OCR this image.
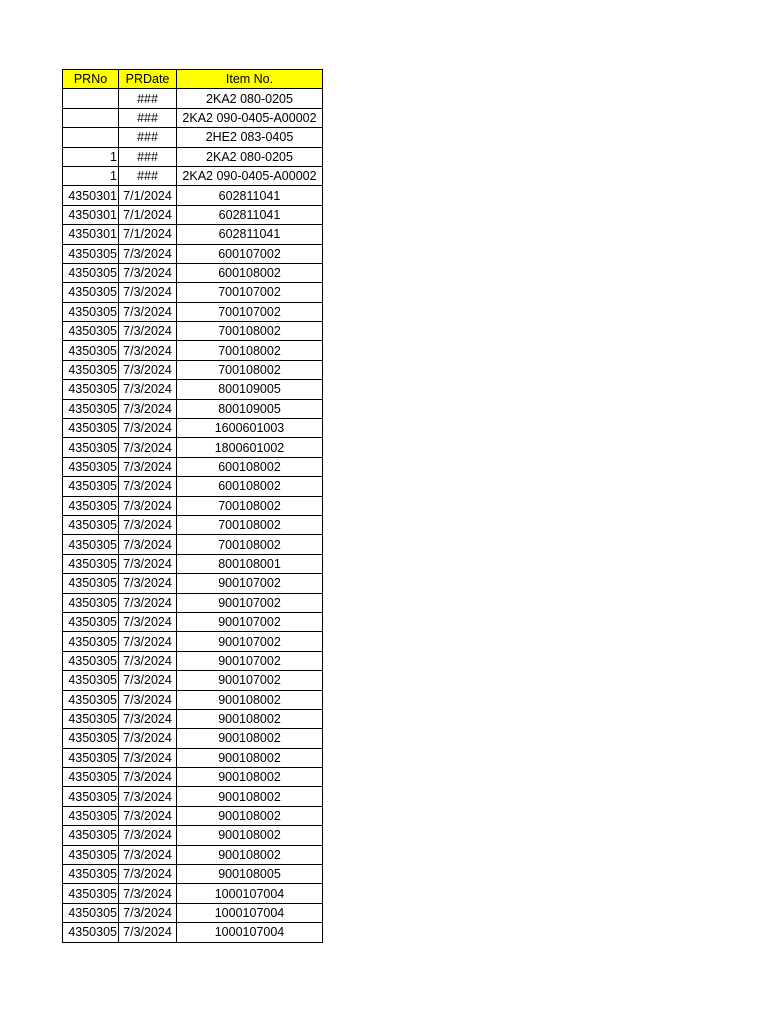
PRNo	PRDate	Item No.
	###	2KA2 080-0205
	###	2KA2 090-0405-A00002
	###	2HE2 083-0405
1	###	2KA2 080-0205
1	###	2KA2 090-0405-A00002
4350301	7/1/2024	602811041
4350301	7/1/2024	602811041
4350301	7/1/2024	602811041
4350305	7/3/2024	600107002
4350305	7/3/2024	600108002
4350305	7/3/2024	700107002
4350305	7/3/2024	700107002
4350305	7/3/2024	700108002
4350305	7/3/2024	700108002
4350305	7/3/2024	700108002
4350305	7/3/2024	800109005
4350305	7/3/2024	800109005
4350305	7/3/2024	1600601003
4350305	7/3/2024	1800601002
4350305	7/3/2024	600108002
4350305	7/3/2024	600108002
4350305	7/3/2024	700108002
4350305	7/3/2024	700108002
4350305	7/3/2024	700108002
4350305	7/3/2024	800108001
4350305	7/3/2024	900107002
4350305	7/3/2024	900107002
4350305	7/3/2024	900107002
4350305	7/3/2024	900107002
4350305	7/3/2024	900107002
4350305	7/3/2024	900107002
4350305	7/3/2024	900108002
4350305	7/3/2024	900108002
4350305	7/3/2024	900108002
4350305	7/3/2024	900108002
4350305	7/3/2024	900108002
4350305	7/3/2024	900108002
4350305	7/3/2024	900108002
4350305	7/3/2024	900108002
4350305	7/3/2024	900108002
4350305	7/3/2024	900108005
4350305	7/3/2024	1000107004
4350305	7/3/2024	1000107004
4350305	7/3/2024	1000107004
